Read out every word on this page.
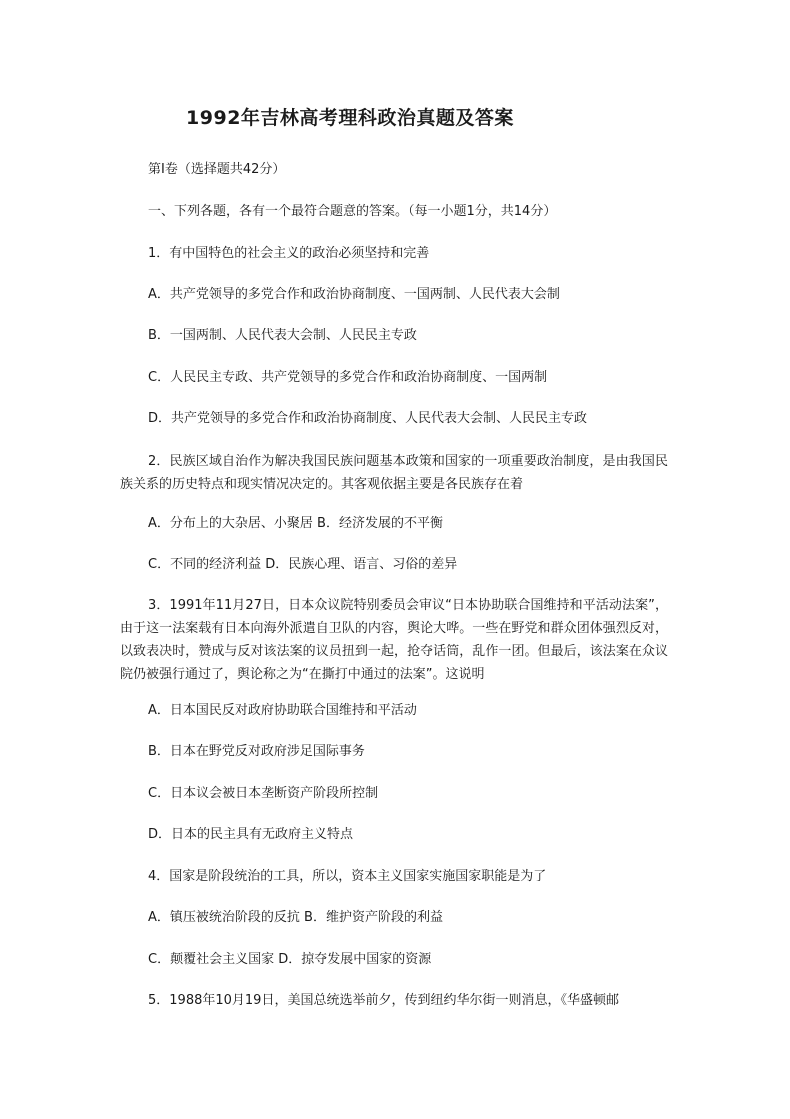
1992年吉林高考理科政治真题及答案
第Ⅰ卷（选择题共42分）
一、下列各题，各有一个最符合题意的答案。（每一小题1分，共14分）
1．有中国特色的社会主义的政治必须坚持和完善
A．共产党领导的多党合作和政治协商制度、一国两制、人民代表大会制
B．一国两制、人民代表大会制、人民民主专政
C．人民民主专政、共产党领导的多党合作和政治协商制度、一国两制
D．共产党领导的多党合作和政治协商制度、人民代表大会制、人民民主专政
2．民族区域自治作为解决我国民族问题基本政策和国家的一项重要政治制度，是由我国民族关系的历史特点和现实情况决定的。其客观依据主要是各民族存在着
A．分布上的大杂居、小聚居 B．经济发展的不平衡
C．不同的经济利益 D．民族心理、语言、习俗的差异
3．1991年11月27日，日本众议院特别委员会审议“日本协助联合国维持和平活动法案”，由于这一法案载有日本向海外派遣自卫队的内容，舆论大哗。一些在野党和群众团体强烈反对，以致表决时，赞成与反对该法案的议员扭到一起，抢夺话筒，乱作一团。但最后，该法案在众议院仍被强行通过了，舆论称之为“在撕打中通过的法案”。这说明
A．日本国民反对政府协助联合国维持和平活动
B．日本在野党反对政府涉足国际事务
C．日本议会被日本垄断资产阶段所控制
D．日本的民主具有无政府主义特点
4．国家是阶段统治的工具，所以，资本主义国家实施国家职能是为了
A．镇压被统治阶段的反抗 B．维护资产阶段的利益
C．颠覆社会主义国家 D．掠夺发展中国家的资源
5．1988年10月19日，美国总统选举前夕，传到纽约华尔街一则消息，《华盛顿邮
